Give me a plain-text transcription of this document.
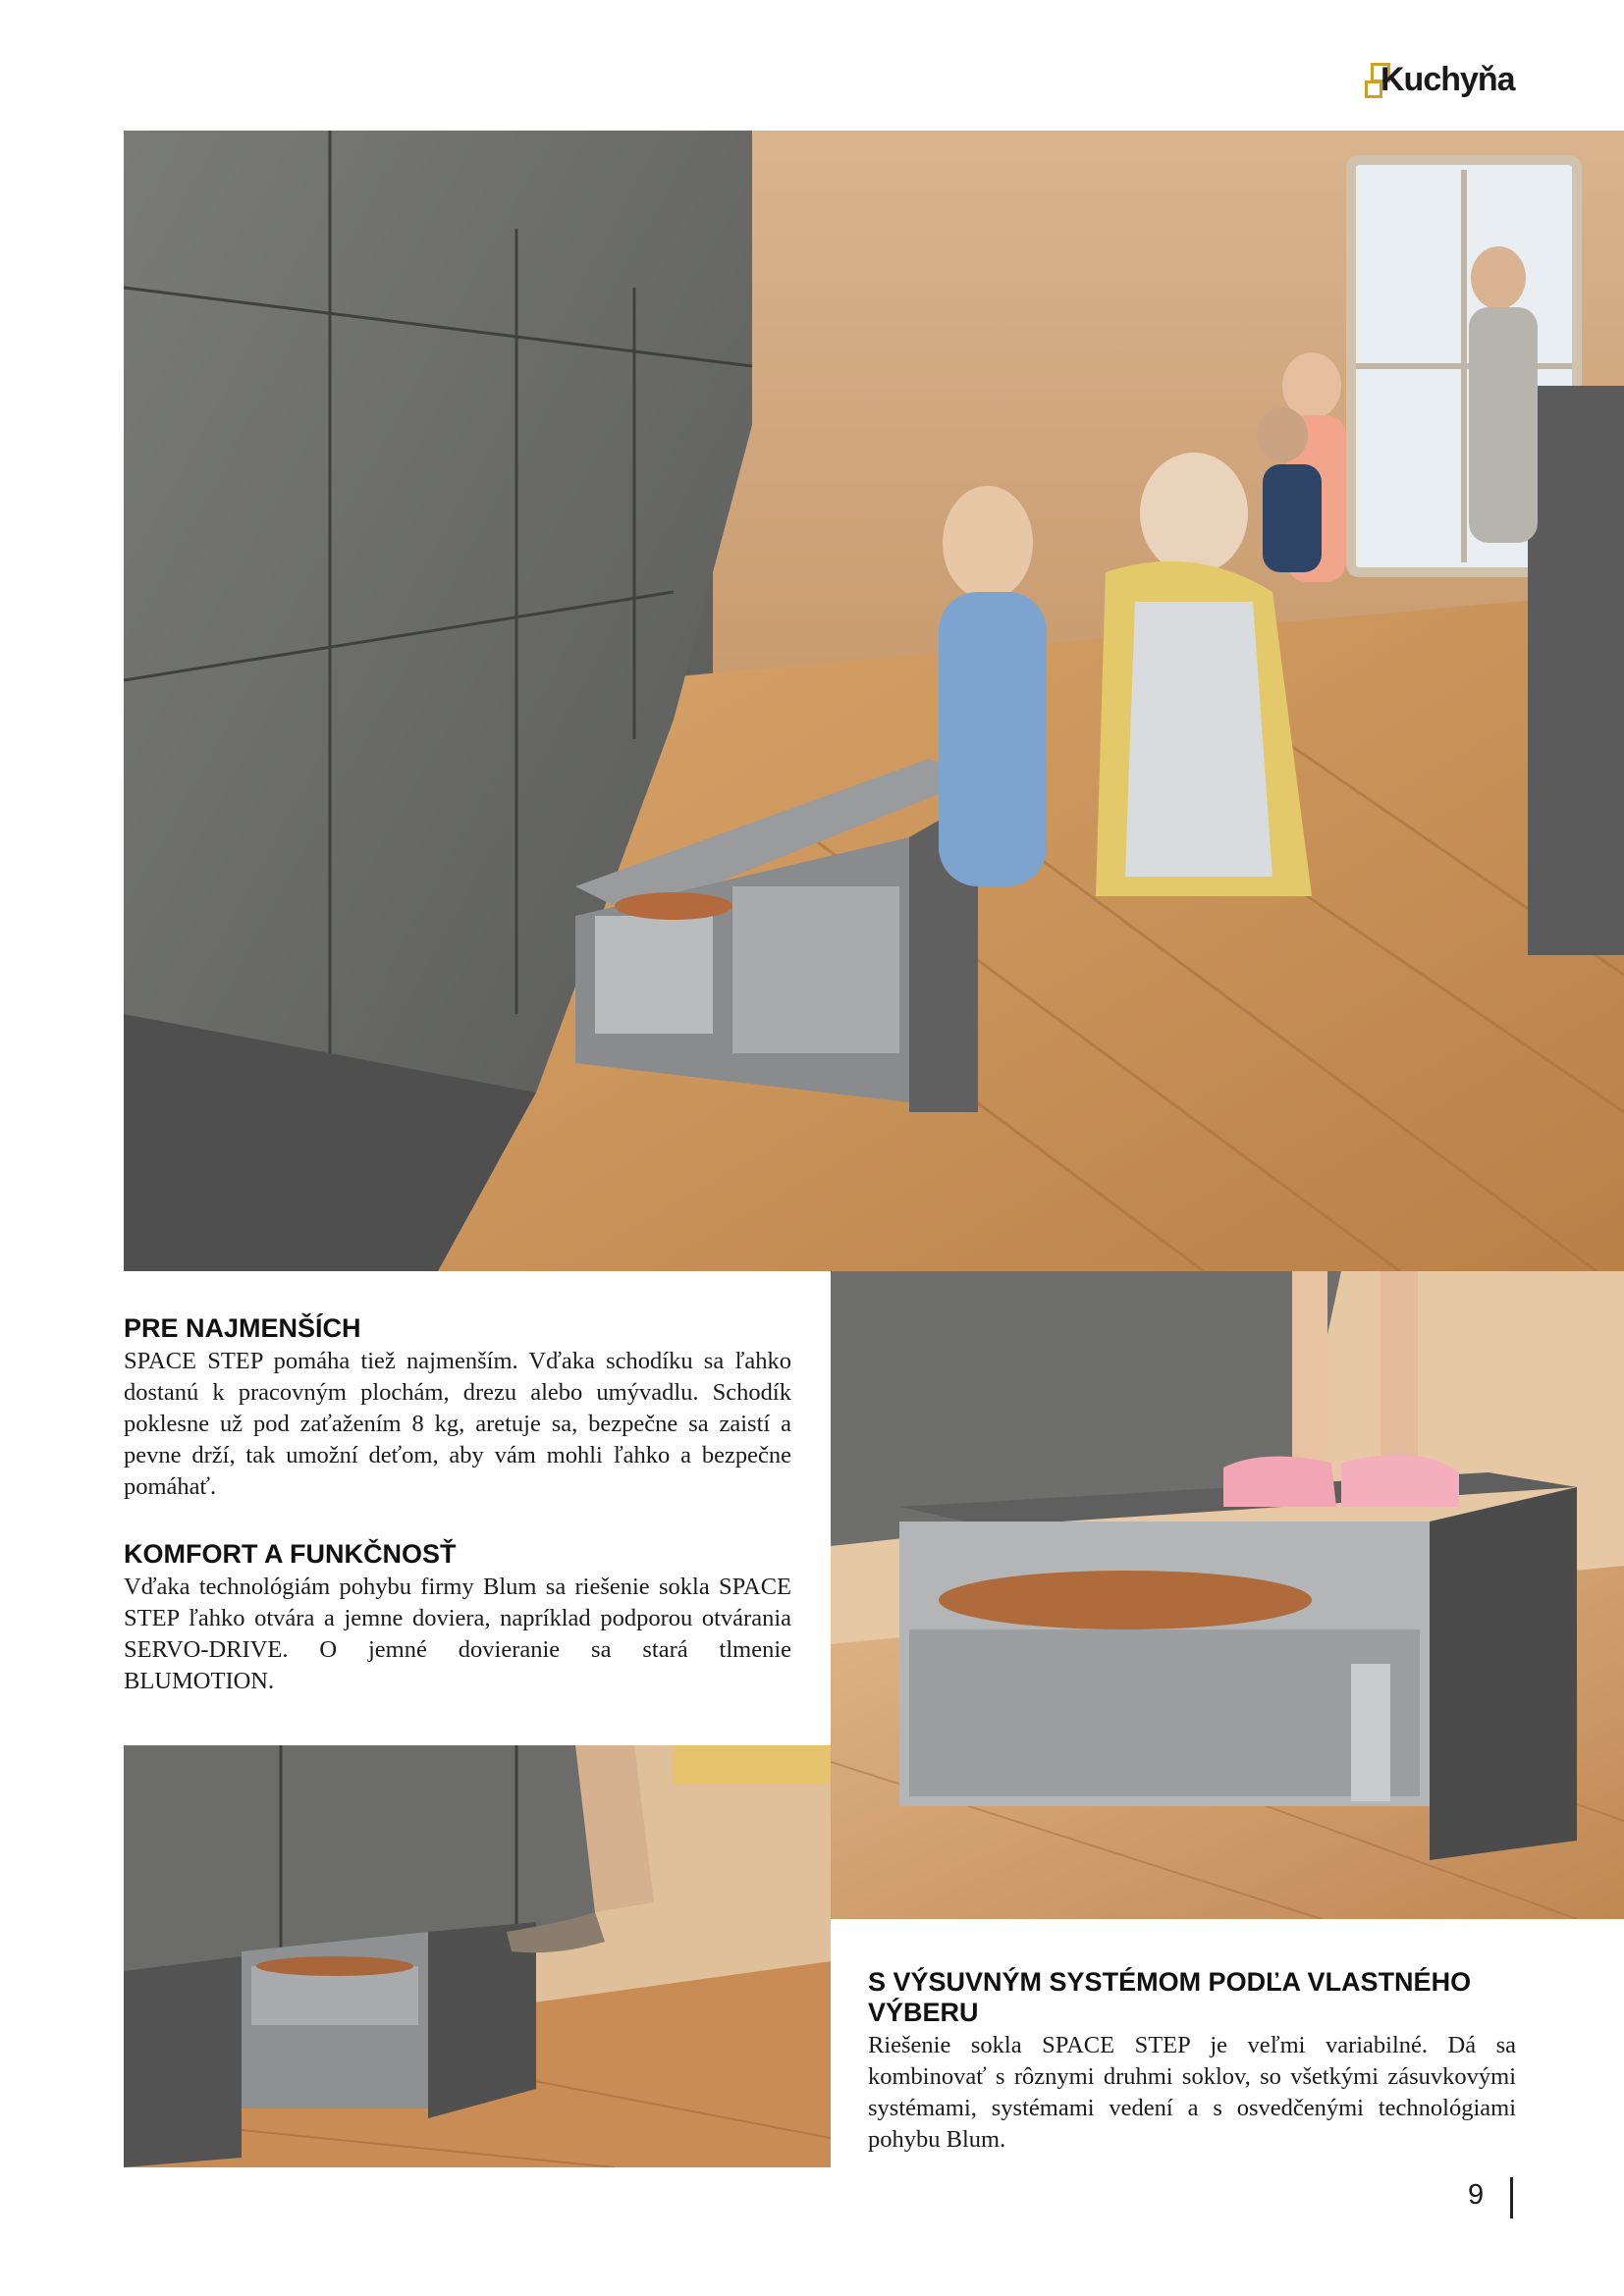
Kuchyňa
PRE NAJMENŠÍCH
SPACE STEP pomáha tiež najmenším. Vďaka schodíku sa ľahko dostanú k pracovným plochám, drezu alebo umývadlu. Schodík poklesne už pod zaťažením 8 kg, aretuje sa, bezpečne sa zaistí a pevne drží, tak umožní deťom, aby vám mohli ľahko a bezpečne pomáhať.
KOMFORT A FUNKČNOSŤ
Vďaka technológiám pohybu firmy Blum sa riešenie sokla SPACE STEP ľahko otvára a jemne doviera, napríklad podporou otvárania SERVO-DRIVE. O jemné dovieranie sa stará tlmenie BLUMOTION.
S VÝSUVNÝM SYSTÉMOM PODĽA VLASTNÉHO VÝBERU
Riešenie sokla SPACE STEP je veľmi variabilné. Dá sa kombinovať s rôznymi druhmi soklov, so všetkými zásuvkovými systémami, systémami vedení a s osvedčenými technológiami pohybu Blum.
9
